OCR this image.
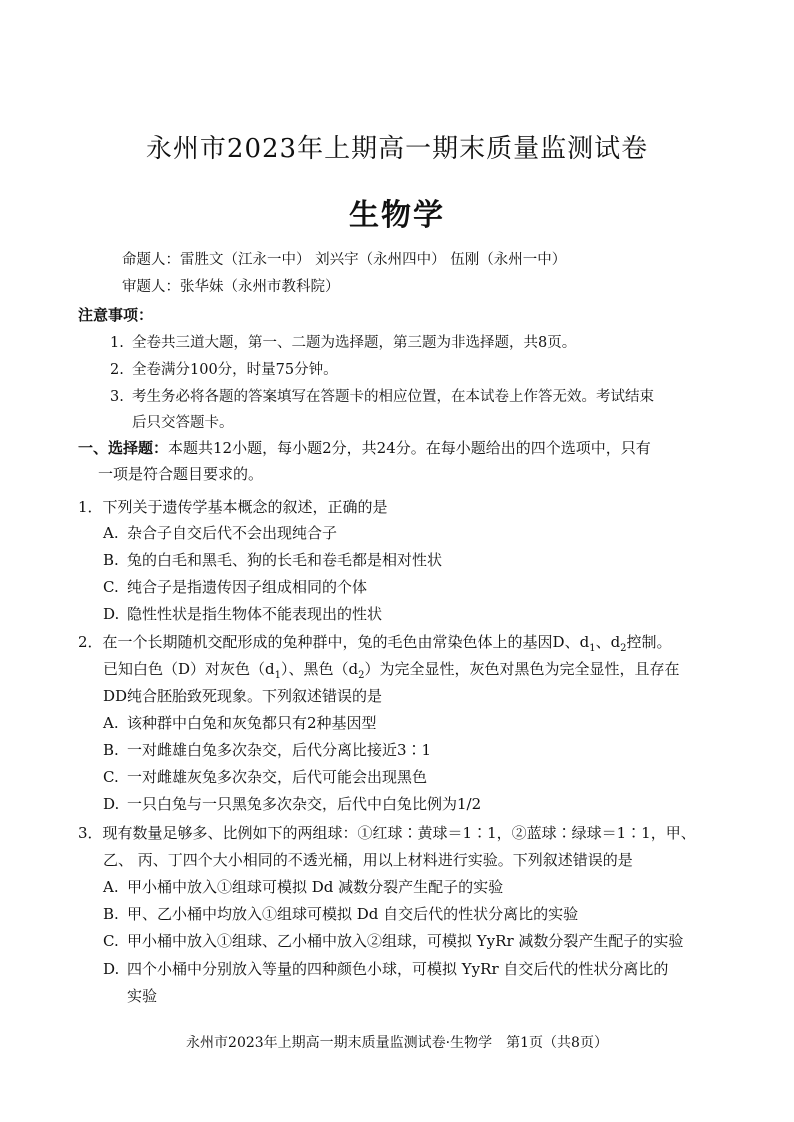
永州市2023年上期高一期末质量监测试卷
生物学
命题人：雷胜文（江永一中） 刘兴宇（永州四中） 伍刚（永州一中）
审题人：张华妹（永州市教科院）
注意事项：
1. 全卷共三道大题，第一、二题为选择题，第三题为非选择题，共8页。
2. 全卷满分100分，时量75分钟。
3. 考生务必将各题的答案填写在答题卡的相应位置，在本试卷上作答无效。考试结束
后只交答题卡。
一、选择题：本题共12小题，每小题2分，共24分。在每小题给出的四个选项中，只有
一项是符合题目要求的。
1．下列关于遗传学基本概念的叙述，正确的是
A. 杂合子自交后代不会出现纯合子
B. 兔的白毛和黑毛、狗的长毛和卷毛都是相对性状
C. 纯合子是指遗传因子组成相同的个体
D. 隐性性状是指生物体不能表现出的性状
2．在一个长期随机交配形成的兔种群中，兔的毛色由常染色体上的基因D、$d_1$、$d_2$控制。
已知白色（D）对灰色$(d_1)$、黑色$(d_2)$为完全显性，灰色对黑色为完全显性，且存在
DD纯合胚胎致死现象。下列叙述错误的是
A. 该种群中白兔和灰兔都只有2种基因型
B. 一对雌雄白兔多次杂交，后代分离比接近3∶1
C. 一对雌雄灰兔多次杂交，后代可能会出现黑色
D. 一只白兔与一只黑兔多次杂交，后代中白兔比例为1/2
3．现有数量足够多、比例如下的两组球：①红球∶黄球＝1∶1，②蓝球∶绿球＝1∶1，甲、
乙、 丙、丁四个大小相同的不透光桶，用以上材料进行实验。下列叙述错误的是
A. 甲小桶中放入①组球可模拟 Dd 减数分裂产生配子的实验
B. 甲、乙小桶中均放入①组球可模拟 Dd 自交后代的性状分离比的实验
C. 甲小桶中放入①组球、乙小桶中放入②组球，可模拟 YyRr 减数分裂产生配子的实验
D. 四个小桶中分别放入等量的四种颜色小球，可模拟 YyRr 自交后代的性状分离比的
实验
永州市2023年上期高一期末质量监测试卷·生物学　第1页（共8页）
